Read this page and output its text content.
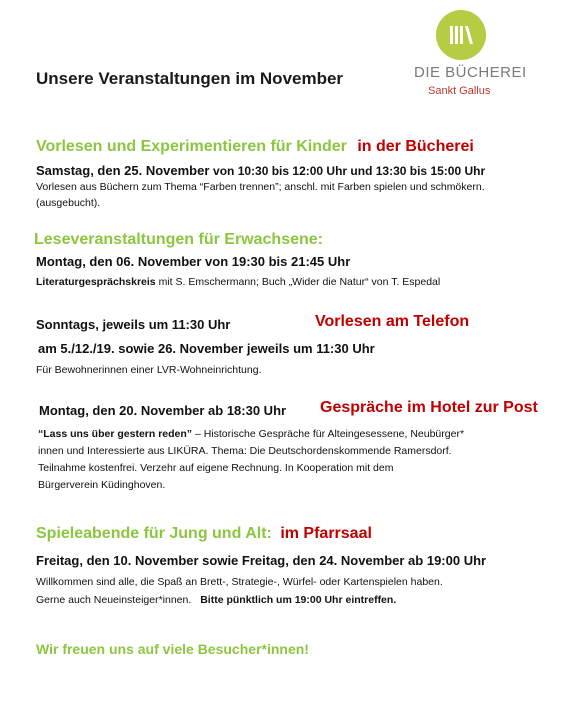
DIE BÜCHEREI
Sankt Gallus
Unsere Veranstaltungen im November
Vorlesen und Experimentieren für Kinder in der Bücherei
Samstag, den 25. November von 10:30 bis 12:00 Uhr und 13:30 bis 15:00 Uhr
Vorlesen aus Büchern zum Thema “Farben trennen”; anschl. mit Farben spielen und schmökern.
(ausgebucht).
Leseveranstaltungen für Erwachsene:
Montag, den 06. November von 19:30 bis 21:45 Uhr
Literaturgesprächskreis mit S. Emschermann; Buch „Wider die Natur“ von T. Espedal
Sonntags, jeweils um 11:30 Uhr	Vorlesen am Telefon
am 5./12./19. sowie 26. November jeweils um 11:30 Uhr
Für Bewohnerinnen einer LVR-Wohneinrichtung.
Montag, den 20. November ab 18:30 Uhr Gespräche im Hotel zur Post
“Lass uns über gestern reden” – Historische Gespräche für Alteingesessene, Neubürger*
innen und Interessierte aus LIKÜRA. Thema: Die Deutschordenskommende Ramersdorf.
Teilnahme kostenfrei. Verzehr auf eigene Rechnung. In Kooperation mit dem
Bürgerverein Küdinghoven.
Spieleabende für Jung und Alt: im Pfarrsaal
Freitag, den 10. November sowie Freitag, den 24. November ab 19:00 Uhr
Willkommen sind alle, die Spaß an Brett-, Strategie-, Würfel- oder Kartenspielen haben.
Gerne auch Neueinsteiger*innen. Bitte pünktlich um 19:00 Uhr eintreffen.
Wir freuen uns auf viele Besucher*innen!
